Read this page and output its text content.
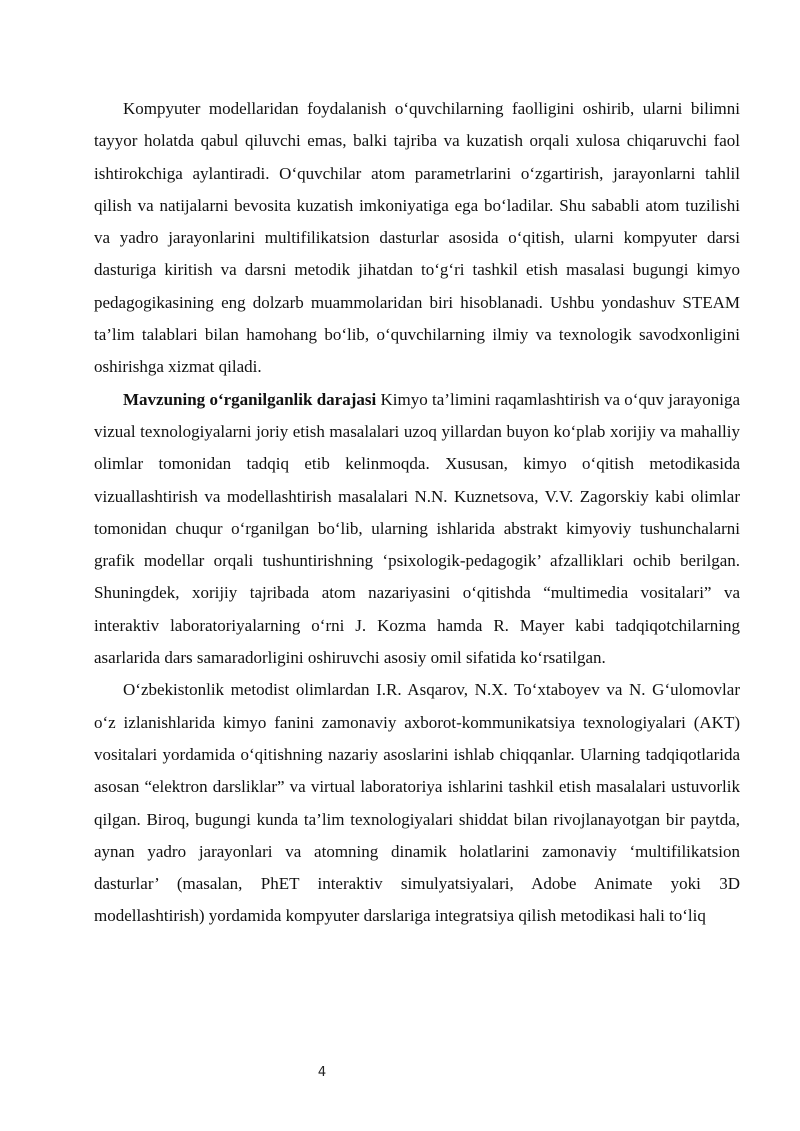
Kompyuter modellaridan foydalanish o‘quvchilarning faolligini oshirib, ularni bilimni tayyor holatda qabul qiluvchi emas, balki tajriba va kuzatish orqali xulosa chiqaruvchi faol ishtirokchiga aylantiradi. O‘quvchilar atom parametrlarini o‘zgartirish, jarayonlarni tahlil qilish va natijalarni bevosita kuzatish imkoniyatiga ega bo‘ladilar. Shu sababli atom tuzilishi va yadro jarayonlarini multifilikatsion dasturlar asosida o‘qitish, ularni kompyuter darsi dasturiga kiritish va darsni metodik jihatdan to‘g‘ri tashkil etish masalasi bugungi kimyo pedagogikasining eng dolzarb muammolaridan biri hisoblanadi. Ushbu yondashuv STEAM ta’lim talablari bilan hamohang bo‘lib, o‘quvchilarning ilmiy va texnologik savodxonligini oshirishga xizmat qiladi.

Mavzuning o‘rganilganlik darajasi Kimyo ta’limini raqamlashtirish va o‘quv jarayoniga vizual texnologiyalarni joriy etish masalalari uzoq yillardan buyon ko‘plab xorijiy va mahalliy olimlar tomonidan tadqiq etib kelinmoqda. Xususan, kimyo o‘qitish metodikasida vizuallashtirish va modellashtirish masalalari N.N. Kuznetsova, V.V. Zagorskiy kabi olimlar tomonidan chuqur o‘rganilgan bo‘lib, ularning ishlarida abstrakt kimyoviy tushunchalarni grafik modellar orqali tushuntirishning ‘psixologik-pedagogik’ afzalliklari ochib berilgan. Shuningdek, xorijiy tajribada atom nazariyasini o‘qitishda “multimedia vositalari” va interaktiv laboratoriyalarning o‘rni J. Kozma hamda R. Mayer kabi tadqiqotchilarning asarlarida dars samaradorligini oshiruvchi asosiy omil sifatida ko‘rsatilgan.

O‘zbekistonlik metodist olimlardan I.R. Asqarov, N.X. To‘xtaboyev va N. G‘ulomovlar o‘z izlanishlarida kimyo fanini zamonaviy axborot-kommunikatsiya texnologiyalari (AKT) vositalari yordamida o‘qitishning nazariy asoslarini ishlab chiqqanlar. Ularning tadqiqotlarida asosan “elektron darsliklar” va virtual laboratoriya ishlarini tashkil etish masalalari ustuvorlik qilgan. Biroq, bugungi kunda ta’lim texnologiyalari shiddat bilan rivojlanayotgan bir paytda, aynan yadro jarayonlari va atomning dinamik holatlarini zamonaviy ‘multifilikatsion dasturlar’ (masalan, PhET interaktiv simulyatsiyalari, Adobe Animate yoki 3D modellashtirish) yordamida kompyuter darslariga integratsiya qilish metodikasi hali to‘liq

4
